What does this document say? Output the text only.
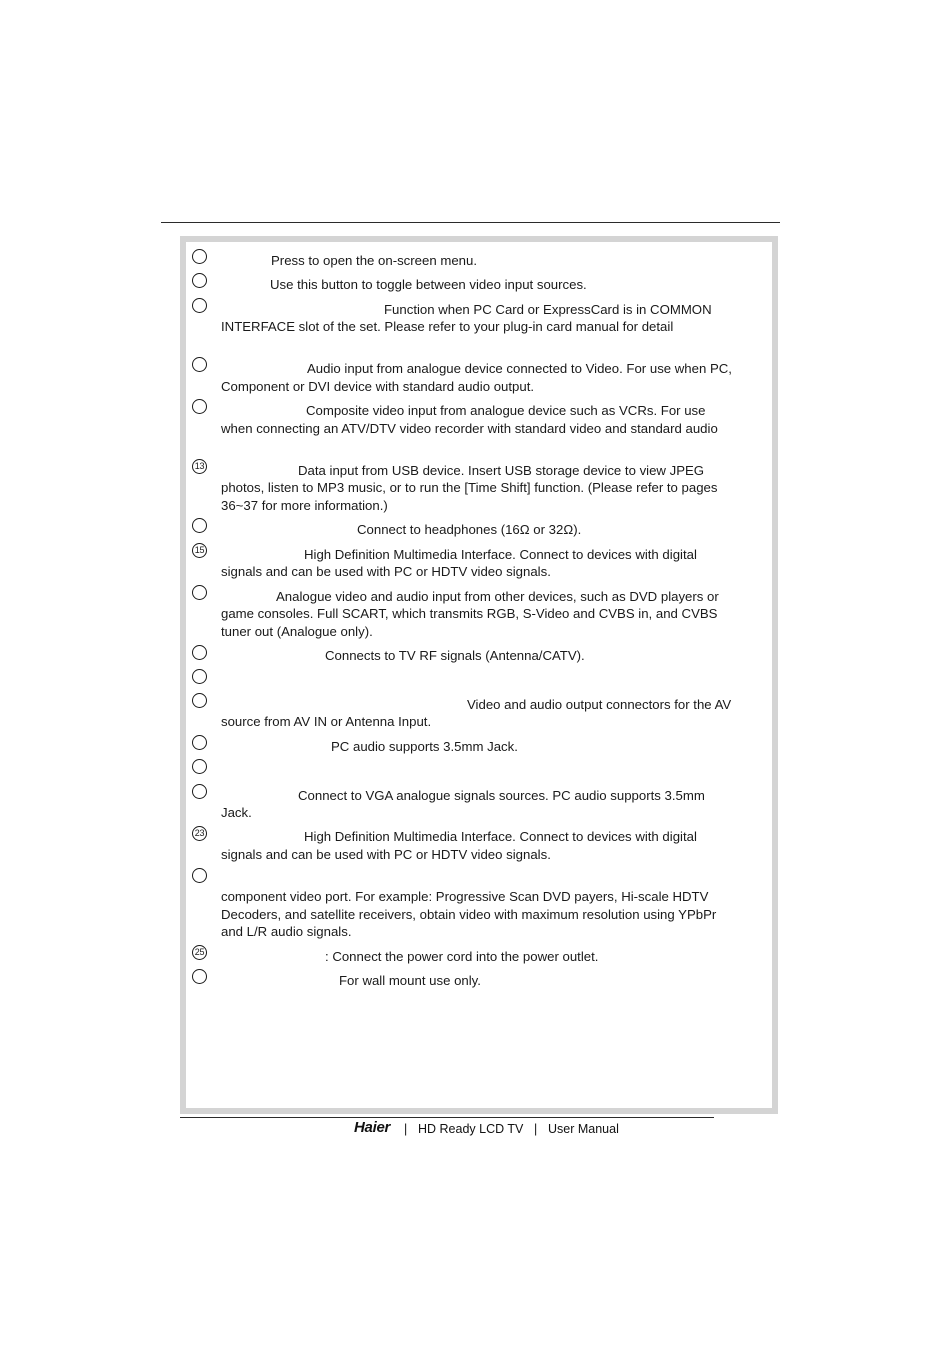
Press to open the on-screen menu.
Use this button to toggle between video input sources.
Function when PC Card or ExpressCard is in COMMON
INTERFACE slot of the set. Please refer to your plug-in card manual for detail
Audio input from analogue device connected to Video. For use when PC,
Component or DVI device with standard audio output.
Composite video input from analogue device such as VCRs. For use
when connecting an ATV/DTV video recorder with standard video and standard audio
13	Data input from USB device. Insert USB storage device to view JPEG
photos, listen to MP3 music, or to run the [Time Shift] function. (Please refer to pages
36~37 for more information.)
Connect to headphones (16Ω or 32Ω).
15	High Definition Multimedia Interface. Connect to devices with digital
signals and can be used with PC or HDTV video signals.
Analogue video and audio input from other devices, such as DVD players or
game consoles. Full SCART, which transmits RGB, S-Video and CVBS in, and CVBS
tuner out (Analogue only).
Connects to TV RF signals (Antenna/CATV).
Video and audio output connectors for the AV
source from AV IN or Antenna Input.
PC audio supports 3.5mm Jack.
Connect to VGA analogue signals sources. PC audio supports 3.5mm
Jack.
23	High Definition Multimedia Interface. Connect to devices with digital
signals and can be used with PC or HDTV video signals.
component video port. For example: Progressive Scan DVD payers, Hi-scale HDTV
Decoders, and satellite receivers, obtain video with maximum resolution using YPbPr
and L/R audio signals.
25	: Connect the power cord into the power outlet.
For wall mount use only.
Haier | HD Ready LCD TV | User Manual
